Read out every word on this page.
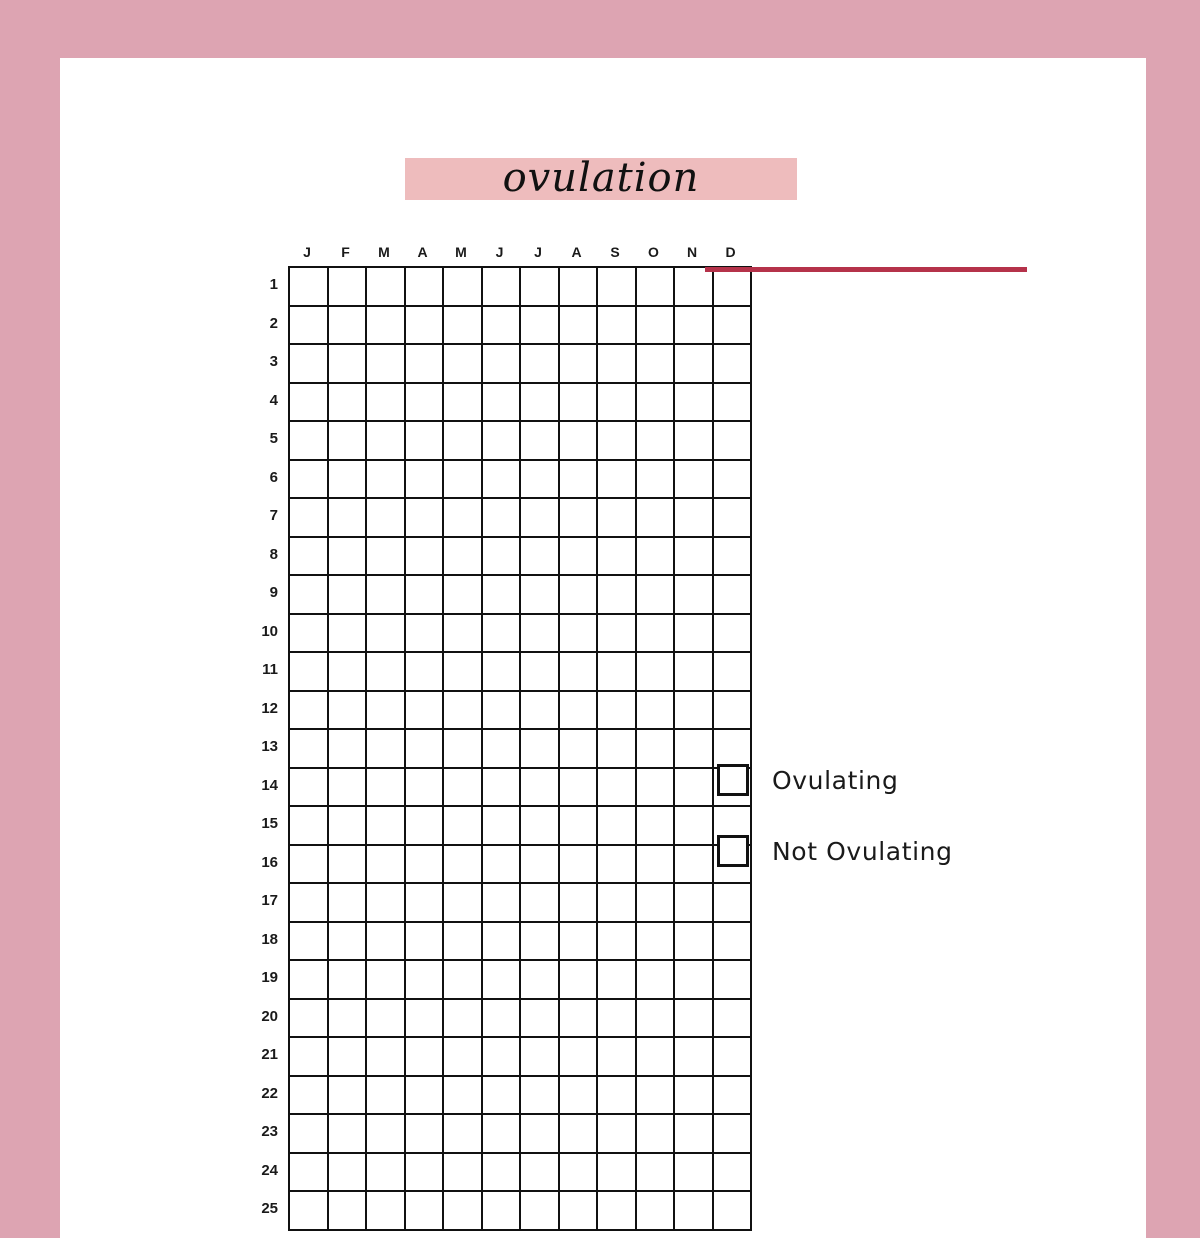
ovulation
J	F	M	A	M	J	J	A	S	O	N	D
1
2
3
4
5
6
7
8
9
10
11
12
13
14
15
16
17
18
19
20
21
22
23
24
25
Ovulating
Not Ovulating
